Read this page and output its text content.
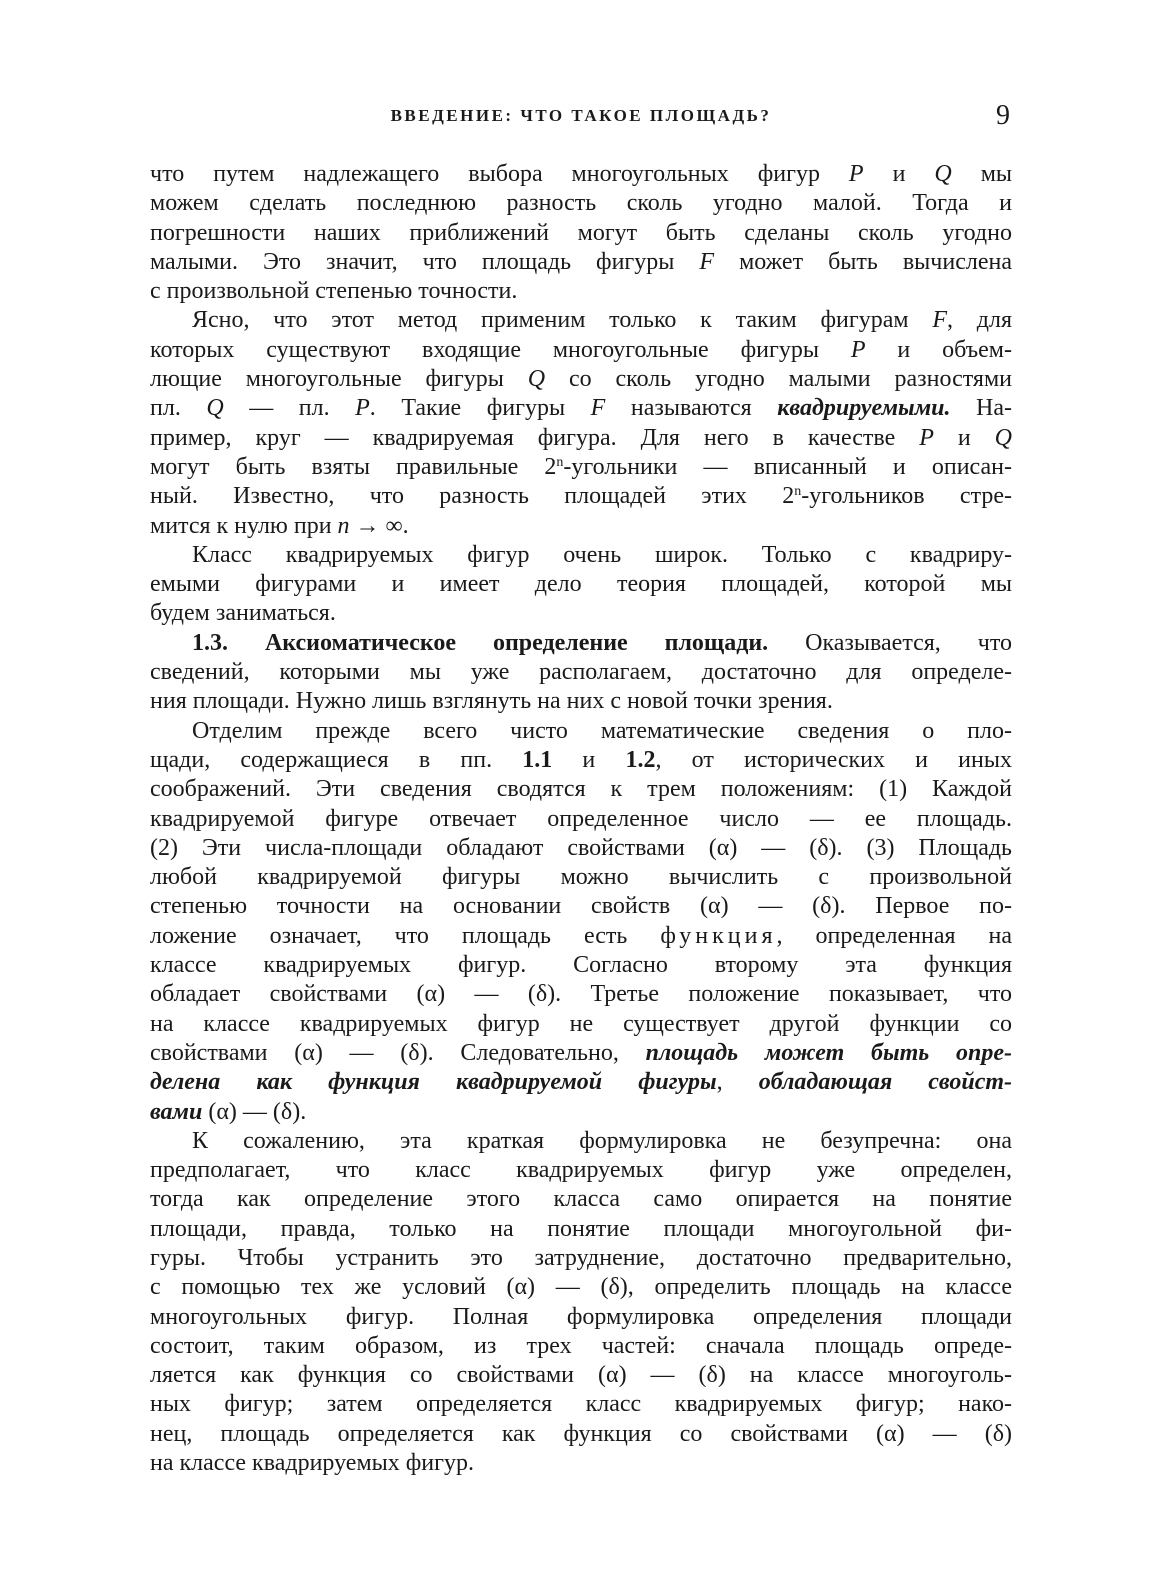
ВВЕДЕНИЕ: ЧТО ТАКОЕ ПЛОЩАДЬ?	9
что путем надлежащего выбора многоугольных фигур P и Q мы
можем сделать последнюю разность сколь угодно малой. Тогда и
погрешности наших приближений могут быть сделаны сколь угодно
малыми. Это значит, что площадь фигуры F может быть вычислена
с произвольной степенью точности.
Ясно, что этот метод применим только к таким фигурам F, для
которых существуют входящие многоугольные фигуры P и объем-
лющие многоугольные фигуры Q со сколь угодно малыми разностями
пл. Q — пл. P. Такие фигуры F называются квадрируемыми. На-
пример, круг — квадрируемая фигура. Для него в качестве P и Q
могут быть взяты правильные 2$^n$-угольники — вписанный и описан-
ный. Известно, что разность площадей этих 2$^n$-угольников стре-
мится к нулю при n → ∞.
Класс квадрируемых фигур очень широк. Только с квадриру-
емыми фигурами и имеет дело теория площадей, которой мы
будем заниматься.
1.3. Аксиоматическое определение площади. Оказывается, что
сведений, которыми мы уже располагаем, достаточно для определе-
ния площади. Нужно лишь взглянуть на них с новой точки зрения.
Отделим прежде всего чисто математические сведения о пло-
щади, содержащиеся в пп. 1.1 и 1.2, от исторических и иных
соображений. Эти сведения сводятся к трем положениям: (1) Каждой
квадрируемой фигуре отвечает определенное число — ее площадь.
(2) Эти числа-площади обладают свойствами (α) — (δ). (3) Площадь
любой квадрируемой фигуры можно вычислить с произвольной
степенью точности на основании свойств (α) — (δ). Первое по-
ложение означает, что площадь есть функция, определенная на
классе квадрируемых фигур. Согласно второму эта функция
обладает свойствами (α) — (δ). Третье положение показывает, что
на классе квадрируемых фигур не существует другой функции со
свойствами (α) — (δ). Следовательно, площадь может быть опре-
делена как функция квадрируемой фигуры, обладающая свойст-
вами (α) — (δ).
К сожалению, эта краткая формулировка не безупречна: она
предполагает, что класс квадрируемых фигур уже определен,
тогда как определение этого класса само опирается на понятие
площади, правда, только на понятие площади многоугольной фи-
гуры. Чтобы устранить это затруднение, достаточно предварительно,
с помощью тех же условий (α) — (δ), определить площадь на классе
многоугольных фигур. Полная формулировка определения площади
состоит, таким образом, из трех частей: сначала площадь опреде-
ляется как функция со свойствами (α) — (δ) на классе многоуголь-
ных фигур; затем определяется класс квадрируемых фигур; нако-
нец, площадь определяется как функция со свойствами (α) — (δ)
на классе квадрируемых фигур.
